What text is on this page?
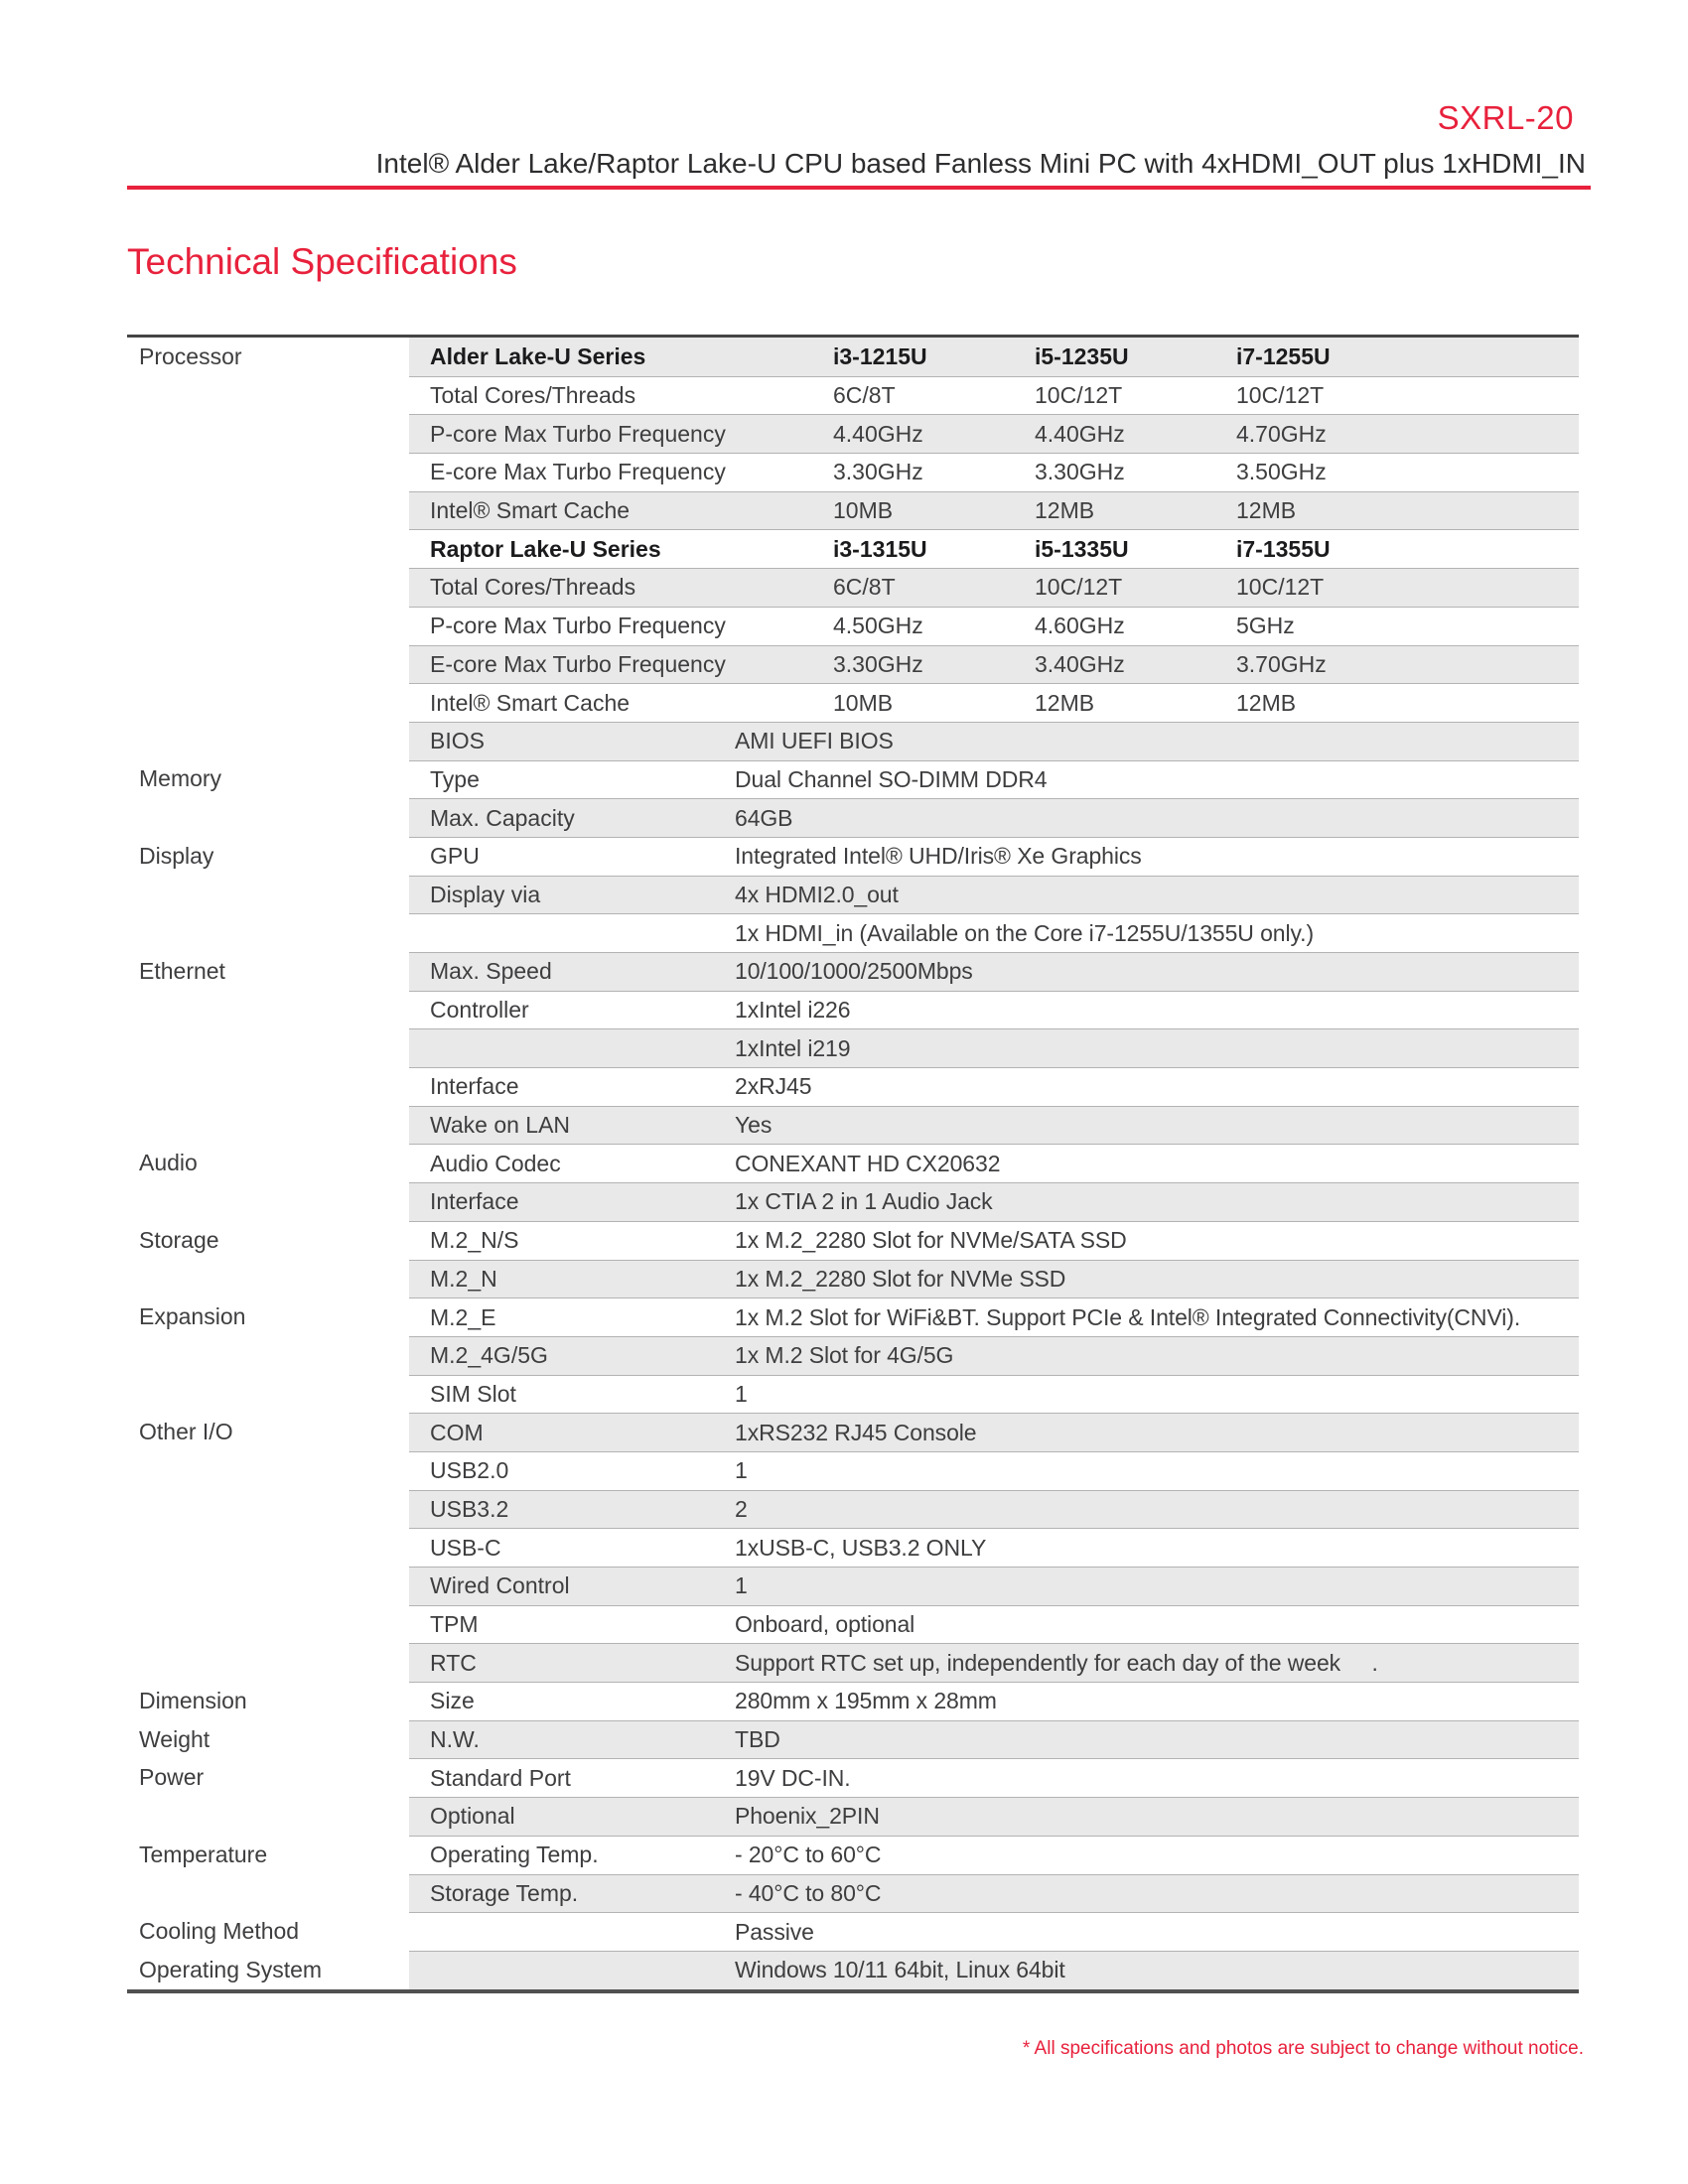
SXRL-20
Intel® Alder Lake/Raptor Lake-U CPU based Fanless Mini PC with 4xHDMI_OUT plus 1xHDMI_IN
Technical Specifications
Processor	Alder Lake-U Series	i3-1215U	i5-1235U	i7-1255U
Total Cores/Threads	6C/8T	10C/12T	10C/12T
P-core Max Turbo Frequency	4.40GHz	4.40GHz	4.70GHz
E-core Max Turbo Frequency	3.30GHz	3.30GHz	3.50GHz
Intel® Smart Cache	10MB	12MB	12MB
Raptor Lake-U Series	i3-1315U	i5-1335U	i7-1355U
Total Cores/Threads	6C/8T	10C/12T	10C/12T
P-core Max Turbo Frequency	4.50GHz	4.60GHz	5GHz
E-core Max Turbo Frequency	3.30GHz	3.40GHz	3.70GHz
Intel® Smart Cache	10MB	12MB	12MB
BIOS	AMI UEFI BIOS
Memory	Type	Dual Channel SO-DIMM DDR4
Max. Capacity	64GB
Display	GPU	Integrated Intel® UHD/Iris® Xe Graphics
Display via	4x HDMI2.0_out
1x HDMI_in (Available on the Core i7-1255U/1355U only.)
Ethernet	Max. Speed	10/100/1000/2500Mbps
Controller	1xIntel i226
1xIntel i219
Interface	2xRJ45
Wake on LAN	Yes
Audio	Audio Codec	CONEXANT HD CX20632
Interface	1x CTIA 2 in 1 Audio Jack
Storage	M.2_N/S	1x M.2_2280 Slot for NVMe/SATA SSD
M.2_N	1x M.2_2280 Slot for NVMe SSD
Expansion	M.2_E	1x M.2 Slot for WiFi&BT. Support PCIe & Intel® Integrated Connectivity(CNVi).
M.2_4G/5G	1x M.2 Slot for 4G/5G
SIM Slot	1
Other I/O	COM	1xRS232 RJ45 Console
USB2.0	1
USB3.2	2
USB-C	1xUSB-C, USB3.2 ONLY
Wired Control	1
TPM	Onboard, optional
RTC	Support RTC set up, independently for each day of the week     .
Dimension	Size	280mm x 195mm x 28mm
Weight	N.W.	TBD
Power	Standard Port	19V DC-IN.
Optional	Phoenix_2PIN
Temperature	Operating Temp.	- 20°C to 60°C
Storage Temp.	- 40°C to 80°C
Cooling Method	Passive
Operating System	Windows 10/11 64bit, Linux 64bit
* All specifications and photos are subject to change without notice.
